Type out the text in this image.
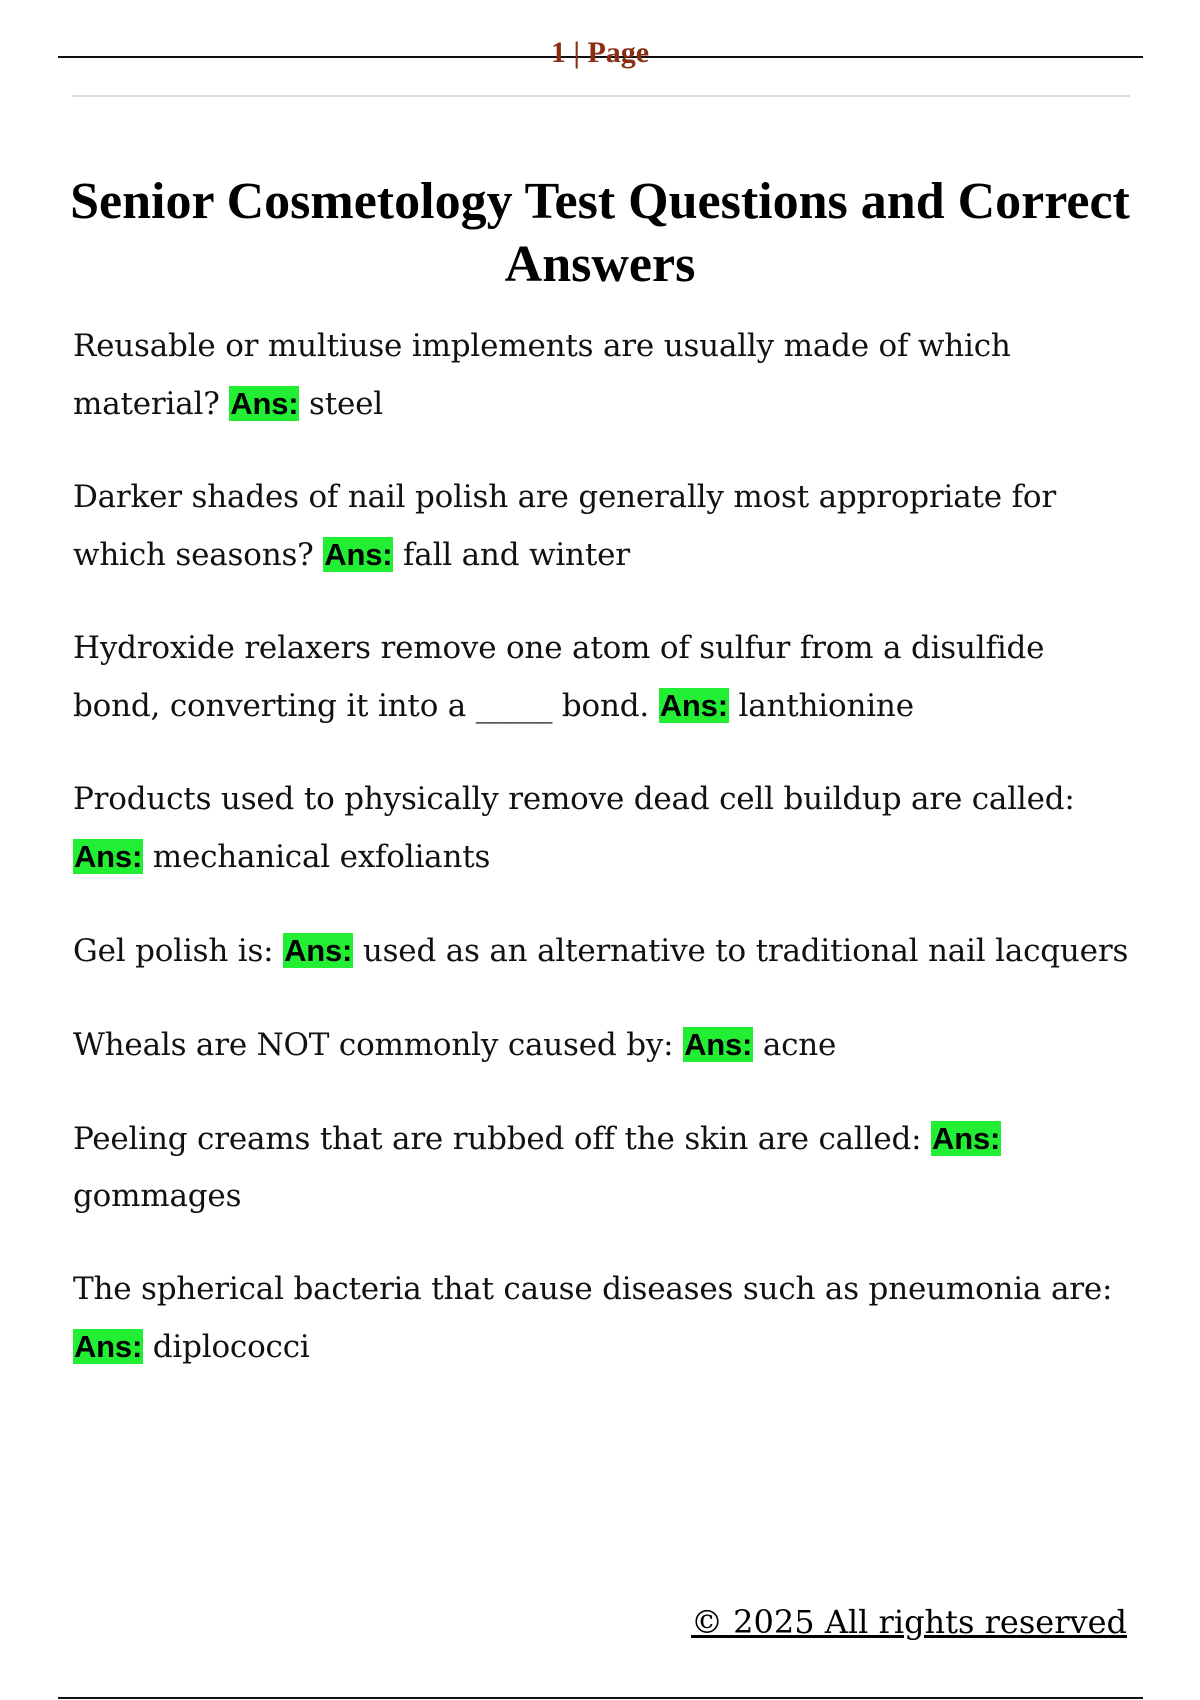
1 | Page
Senior Cosmetology Test Questions and Correct Answers

Reusable or multiuse implements are usually made of which material? Ans: steel

Darker shades of nail polish are generally most appropriate for which seasons? Ans: fall and winter

Hydroxide relaxers remove one atom of sulfur from a disulfide bond, converting it into a _____ bond. Ans: lanthionine

Products used to physically remove dead cell buildup are called: Ans: mechanical exfoliants

Gel polish is: Ans: used as an alternative to traditional nail lacquers

Wheals are NOT commonly caused by: Ans: acne

Peeling creams that are rubbed off the skin are called: Ans: gommages

The spherical bacteria that cause diseases such as pneumonia are: Ans: diplococci

© 2025 All rights reserved
